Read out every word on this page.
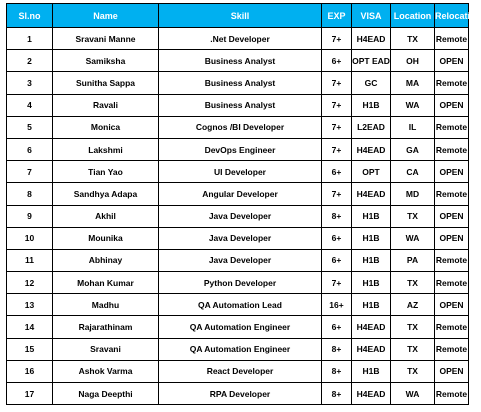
Sl.no	Name	Skill	EXP	VISA	Location	Relocation
1	Sravani Manne	.Net Developer	7+	H4EAD	TX	Remote
2	Samiksha	Business Analyst	6+	OPT EAD	OH	OPEN
3	Sunitha Sappa	Business Analyst	7+	GC	MA	Remote
4	Ravali	Business Analyst	7+	H1B	WA	OPEN
5	Monica	Cognos /BI Developer	7+	L2EAD	IL	Remote
6	Lakshmi	DevOps Engineer	7+	H4EAD	GA	Remote
7	Tian Yao	UI Developer	6+	OPT	CA	OPEN
8	Sandhya Adapa	Angular Developer	7+	H4EAD	MD	Remote
9	Akhil	Java Developer	8+	H1B	TX	OPEN
10	Mounika	Java Developer	6+	H1B	WA	OPEN
11	Abhinay	Java Developer	6+	H1B	PA	Remote
12	Mohan Kumar	Python Developer	7+	H1B	TX	Remote
13	Madhu	QA Automation Lead	16+	H1B	AZ	OPEN
14	Rajarathinam	QA Automation Engineer	6+	H4EAD	TX	Remote
15	Sravani	QA Automation Engineer	8+	H4EAD	TX	Remote
16	Ashok Varma	React Developer	8+	H1B	TX	OPEN
17	Naga Deepthi	RPA Developer	8+	H4EAD	WA	Remote
